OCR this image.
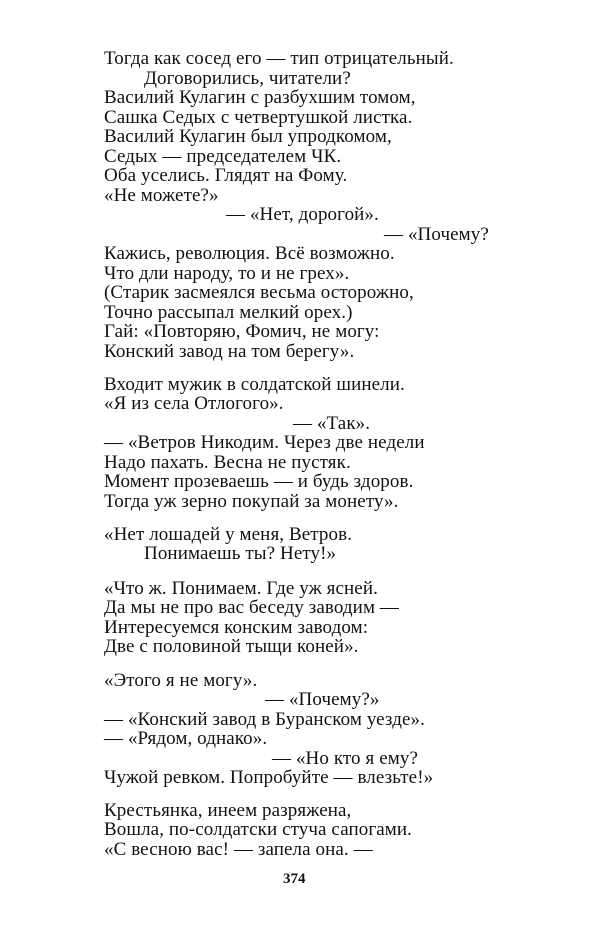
Тогда как сосед его — тип отрицательный.
Договорились, читатели?
Василий Кулагин с разбухшим томом,
Сашка Седых с четвертушкой листка.
Василий Кулагин был упродкомом,
Седых — председателем ЧК.
Оба уселись. Глядят на Фому.
«Не можете?»
— «Нет, дорогой».
— «Почему?
Кажись, революция. Всё возможно.
Что дли народу, то и не грех».
(Старик засмеялся весьма осторожно,
Точно рассыпал мелкий орех.)
Гай: «Повторяю, Фомич, не могу:
Конский завод на том берегу».
Входит мужик в солдатской шинели.
«Я из села Отлогого».
— «Так».
— «Ветров Никодим. Через две недели
Надо пахать. Весна не пустяк.
Момент прозеваешь — и будь здоров.
Тогда уж зерно покупай за монету».
«Нет лошадей у меня, Ветров.
Понимаешь ты? Нету!»
«Что ж. Понимаем. Где уж ясней.
Да мы не про вас беседу заводим —
Интересуемся конским заводом:
Две с половиной тыщи коней».
«Этого я не могу».
— «Почему?»
— «Конский завод в Буранском уезде».
— «Рядом, однако».
— «Но кто я ему?
Чужой ревком. Попробуйте — влезьте!»
Крестьянка, инеем разряжена,
Вошла, по-солдатски стуча сапогами.
«С весною вас! — запела она. —
374
